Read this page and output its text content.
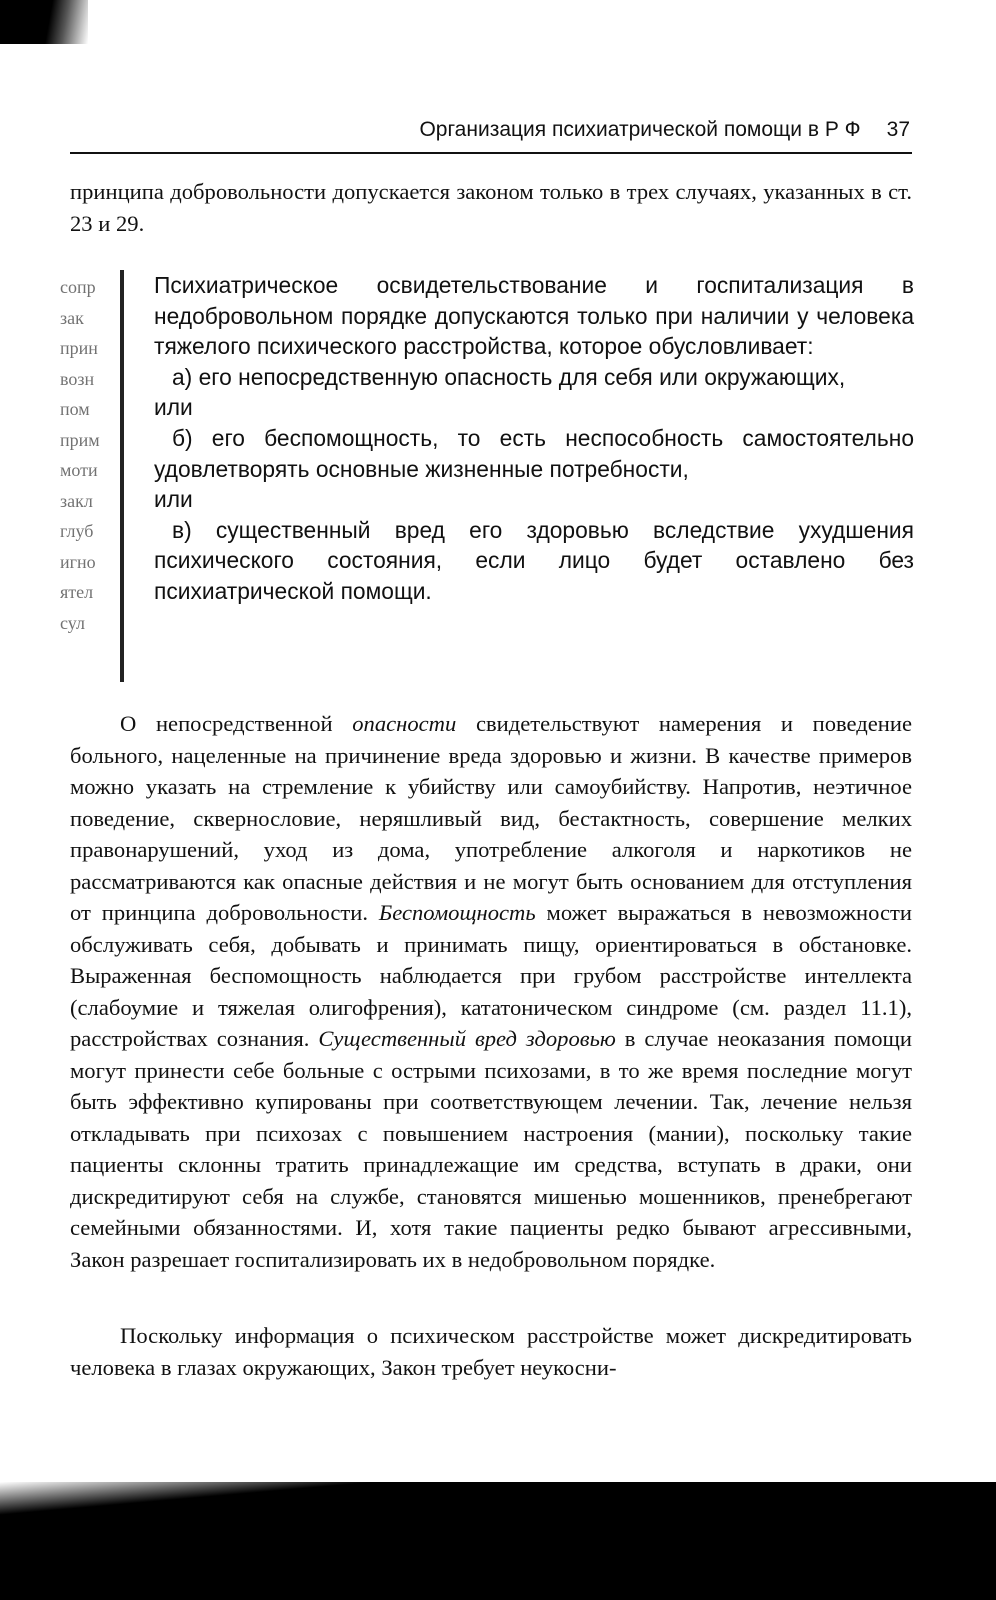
Организация психиатрической помощи в Р Ф 37

принципа добровольности допускается законом только в трех случаях, указанных в ст. 23 и 29.

сопр зак прин возн пом прим моти закл глуб игно ятел сул

Психиатрическое освидетельствование и госпитализация в недобровольном порядке допускаются только при наличии у человека тяжелого психического расстройства, которое обусловливает:

а) его непосредственную опасность для себя или окружающих,

или

б) его беспомощность, то есть неспособность самостоятельно удовлетворять основные жизненные потребности,

или

в) существенный вред его здоровью вследствие ухудшения психического состояния, если лицо будет оставлено без психиатрической помощи.

О непосредственной опасности свидетельствуют намерения и поведение больного, нацеленные на причинение вреда здоровью и жизни. В качестве примеров можно указать на стремление к убийству или самоубийству. Напротив, неэтичное поведение, сквернословие, неряшливый вид, бестактность, совершение мелких правонарушений, уход из дома, употребление алкоголя и наркотиков не рассматриваются как опасные действия и не могут быть основанием для отступления от принципа добровольности. Беспомощность может выражаться в невозможности обслуживать себя, добывать и принимать пищу, ориентироваться в обстановке. Выраженная беспомощность наблюдается при грубом расстройстве интеллекта (слабоумие и тяжелая олигофрения), кататоническом синдроме (см. раздел 11.1), расстройствах сознания. Существенный вред здоровью в случае неоказания помощи могут принести себе больные с острыми психозами, в то же время последние могут быть эффективно купированы при соответствующем лечении. Так, лечение нельзя откладывать при психозах с повышением настроения (мании), поскольку такие пациенты склонны тратить принадлежащие им средства, вступать в драки, они дискредитируют себя на службе, становятся мишенью мошенников, пренебрегают семейными обязанностями. И, хотя такие пациенты редко бывают агрессивными, Закон разрешает госпитализировать их в недобровольном порядке.

Поскольку информация о психическом расстройстве может дискредитировать человека в глазах окружающих, Закон требует неукосни-
